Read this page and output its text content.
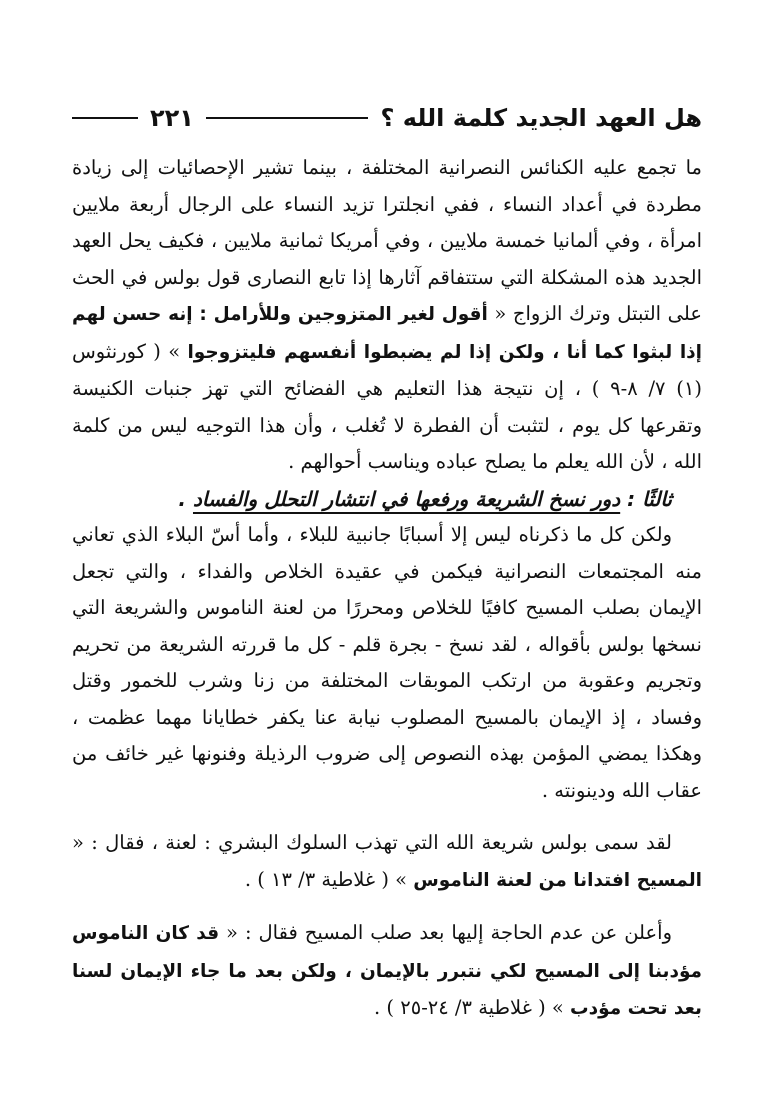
هل العهد الجديد كلمة الله ؟
٢٢١

ما تجمع عليه الكنائس النصرانية المختلفة ، بينما تشير الإحصائيات إلى زيادة مطردة في أعداد النساء ، ففي انجلترا تزيد النساء على الرجال أربعة ملايين امرأة ، وفي ألمانيا خمسة ملايين ، وفي أمريكا ثمانية ملايين ، فكيف يحل العهد الجديد هذه المشكلة التي ستتفاقم آثارها إذا تابع النصارى قول بولس في الحث على التبتل وترك الزواج « أقول لغير المتزوجين وللأرامل : إنه حسن لهم إذا لبثوا كما أنا ، ولكن إذا لم يضبطوا أنفسهم فليتزوجوا » ( كورنثوس (١) ٧/ ٨-٩ ) ، إن نتيجة هذا التعليم هي الفضائح التي تهز جنبات الكنيسة وتقرعها كل يوم ، لتثبت أن الفطرة لا تُغلب ، وأن هذا التوجيه ليس من كلمة الله ، لأن الله يعلم ما يصلح عباده ويناسب أحوالهم .

ثالثًا : دور نسخ الشريعة ورفعها في انتشار التحلل والفساد .

ولكن كل ما ذكرناه ليس إلا أسبابًا جانبية للبلاء ، وأما أسّ البلاء الذي تعاني منه المجتمعات النصرانية فيكمن في عقيدة الخلاص والفداء ، والتي تجعل الإيمان بصلب المسيح كافيًا للخلاص ومحررًا من لعنة الناموس والشريعة التي نسخها بولس بأقواله ، لقد نسخ - بجرة قلم - كل ما قررته الشريعة من تحريم وتجريم وعقوبة من ارتكب الموبقات المختلفة من زنا وشرب للخمور وقتل وفساد ، إذ الإيمان بالمسيح المصلوب نيابة عنا يكفر خطايانا مهما عظمت ، وهكذا يمضي المؤمن بهذه النصوص إلى ضروب الرذيلة وفنونها غير خائف من عقاب الله ودينونته .

لقد سمى بولس شريعة الله التي تهذب السلوك البشري : لعنة ، فقال : « المسيح افتدانا من لعنة الناموس » ( غلاطية ٣/ ١٣ ) .

وأعلن عن عدم الحاجة إليها بعد صلب المسيح فقال : « قد كان الناموس مؤدبنا إلى المسيح لكي نتبرر بالإيمان ، ولكن بعد ما جاء الإيمان لسنا بعد تحت مؤدب » ( غلاطية ٣/ ٢٤-٢٥ ) .
